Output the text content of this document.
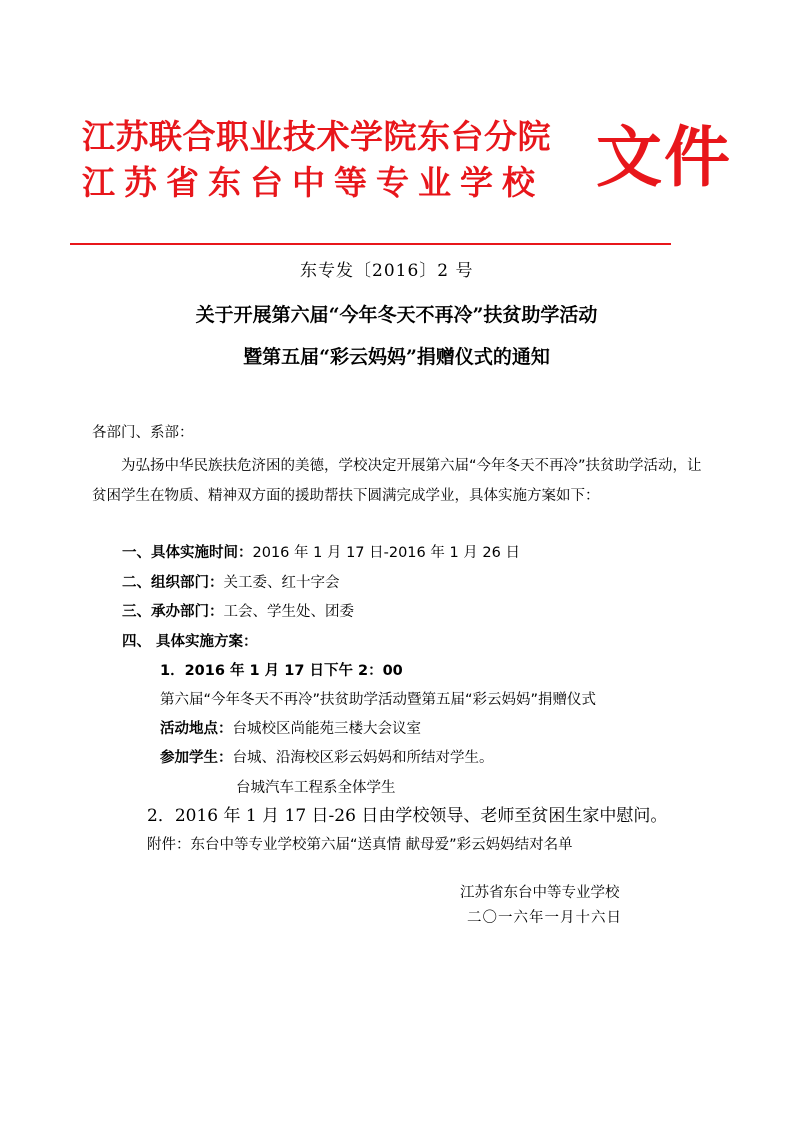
江苏联合职业技术学院东台分院
江苏省东台中等专业学校 文件
东专发〔2016〕2 号
关于开展第六届“今年冬天不再冷”扶贫助学活动
暨第五届“彩云妈妈”捐赠仪式的通知
各部门、系部：
为弘扬中华民族扶危济困的美德，学校决定开展第六届“今年冬天不再冷”扶贫助学活动，让贫困学生在物质、精神双方面的援助帮扶下圆满完成学业，具体实施方案如下：
一、具体实施时间：2016 年 1 月 17 日-2016 年 1 月 26 日
二、组织部门：关工委、红十字会
三、承办部门：工会、学生处、团委
四、 具体实施方案：
1．2016 年 1 月 17 日下午 2：00
第六届“今年冬天不再冷”扶贫助学活动暨第五届“彩云妈妈”捐赠仪式
活动地点：台城校区尚能苑三楼大会议室
参加学生：台城、沿海校区彩云妈妈和所结对学生。
台城汽车工程系全体学生
2．2016 年 1 月 17 日-26 日由学校领导、老师至贫困生家中慰问。
附件：东台中等专业学校第六届“送真情 献母爱”彩云妈妈结对名单
江苏省东台中等专业学校
二〇一六年一月十六日
